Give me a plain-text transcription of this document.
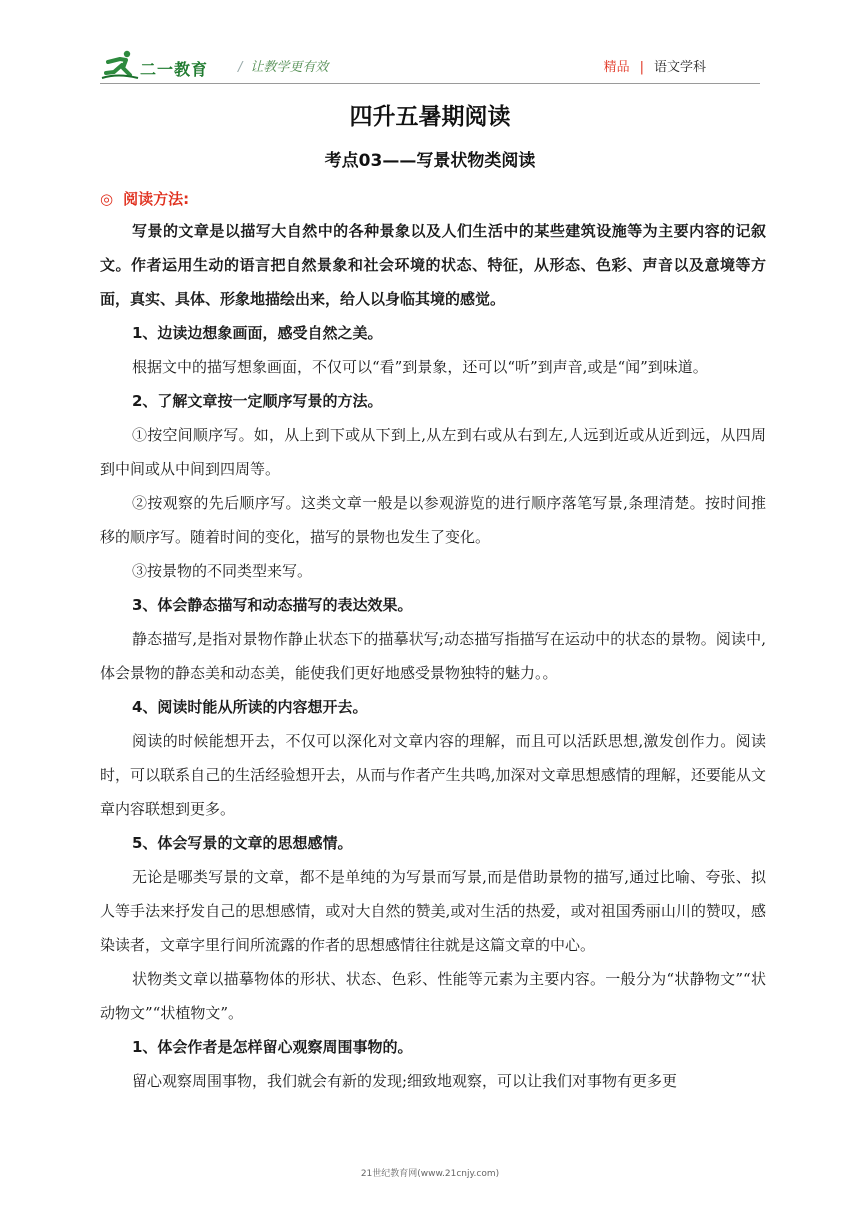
二一教育 / 让教学更有效	精品 | 语文学科
四升五暑期阅读
考点03——写景状物类阅读
◎ 阅读方法:

写景的文章是以描写大自然中的各种景象以及人们生活中的某些建筑设施等为主要内容的记叙文。作者运用生动的语言把自然景象和社会环境的状态、特征，从形态、色彩、声音以及意境等方面，真实、具体、形象地描绘出来，给人以身临其境的感觉。

1、边读边想象画面，感受自然之美。

根据文中的描写想象画面，不仅可以“看”到景象，还可以“听”到声音,或是“闻”到味道。

2、了解文章按一定顺序写景的方法。

①按空间顺序写。如，从上到下或从下到上,从左到右或从右到左,人远到近或从近到远，从四周到中间或从中间到四周等。

②按观察的先后顺序写。这类文章一般是以参观游览的进行顺序落笔写景,条理清楚。按时间推移的顺序写。随着时间的变化，描写的景物也发生了变化。

③按景物的不同类型来写。

3、体会静态描写和动态描写的表达效果。

静态描写,是指对景物作静止状态下的描摹状写;动态描写指描写在运动中的状态的景物。阅读中,体会景物的静态美和动态美，能使我们更好地感受景物独特的魅力。。

4、阅读时能从所读的内容想开去。

阅读的时候能想开去，不仅可以深化对文章内容的理解，而且可以活跃思想,激发创作力。阅读时，可以联系自己的生活经验想开去，从而与作者产生共鸣,加深对文章思想感情的理解，还要能从文章内容联想到更多。

5、体会写景的文章的思想感情。

无论是哪类写景的文章，都不是单纯的为写景而写景,而是借助景物的描写,通过比喻、夸张、拟人等手法来抒发自己的思想感情，或对大自然的赞美,或对生活的热爱，或对祖国秀丽山川的赞叹，感染读者，文章字里行间所流露的作者的思想感情往往就是这篇文章的中心。

状物类文章以描摹物体的形状、状态、色彩、性能等元素为主要内容。一般分为“状静物文”“状动物文”“状植物文”。

1、体会作者是怎样留心观察周围事物的。

留心观察周围事物，我们就会有新的发现;细致地观察，可以让我们对事物有更多更

21世纪教育网(www.21cnjy.com)
